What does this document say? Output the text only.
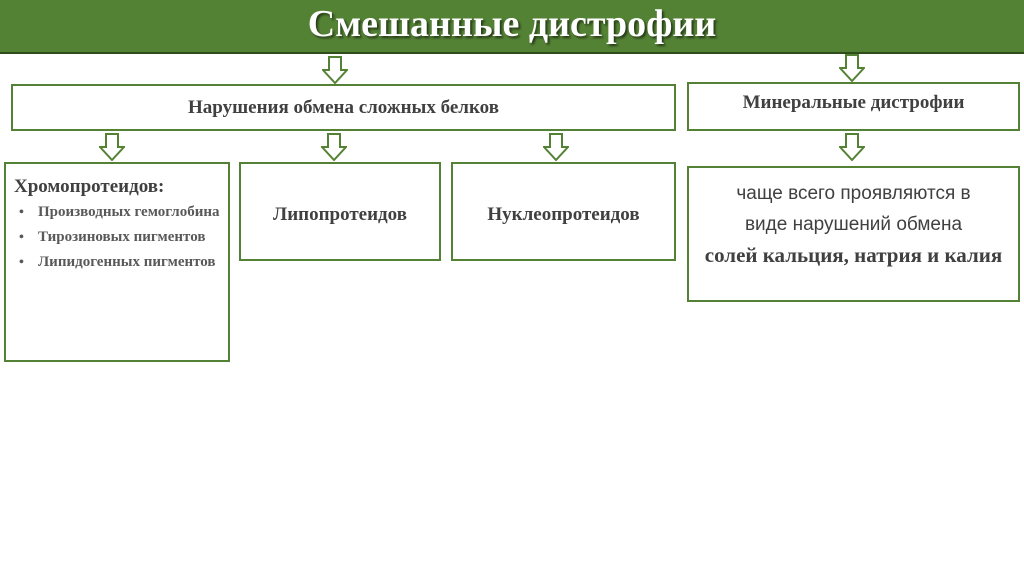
Смешанные дистрофии
Нарушения обмена сложных белков	Минеральные дистрофии
Хромопротеидов:
• Производных гемоглобина
• Тирозиновых пигментов
• Липидогенных пигментов
Липопротеидов	Нуклеопротеидов
чаще всего проявляются в
виде нарушений обмена
солей кальция, натрия и калия
